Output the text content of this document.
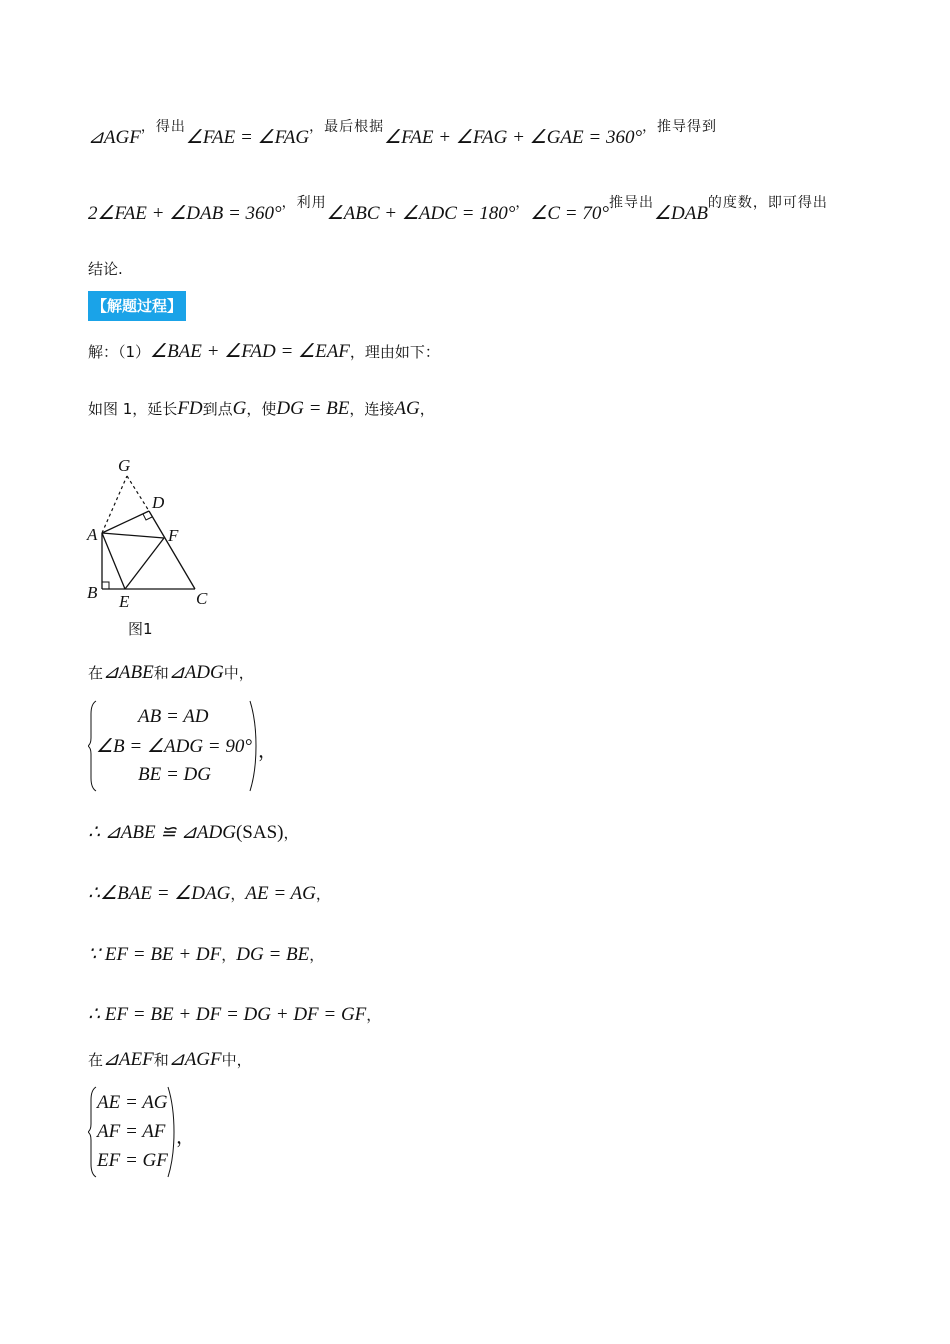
⊿AGF，得出∠FAE = ∠FAG，最后根据∠FAE + ∠FAG + ∠GAE = 360°，推导得到
2∠FAE + ∠DAB = 360°，利用∠ABC + ∠ADC = 180°，∠C = 70°推导出∠DAB的度数，即可得出
结论.
【解题过程】
解：（1）∠BAE + ∠FAD = ∠EAF，理由如下：
如图 1，延长FD到点G，使DG = BE，连接AG，
G
D
A	F
B E	C
图1
在⊿ABE和⊿ADG中，
AB = AD
∠B = ∠ADG = 90°
BE = DG
，
∴ ⊿ABE ≌ ⊿ADG(SAS)，
∴∠BAE = ∠DAG，AE = AG，
∵ EF = BE + DF，DG = BE，
∴ EF = BE + DF = DG + DF = GF，
在⊿AEF和⊿AGF中，
AE = AG
AF = AF
EF = GF
，
